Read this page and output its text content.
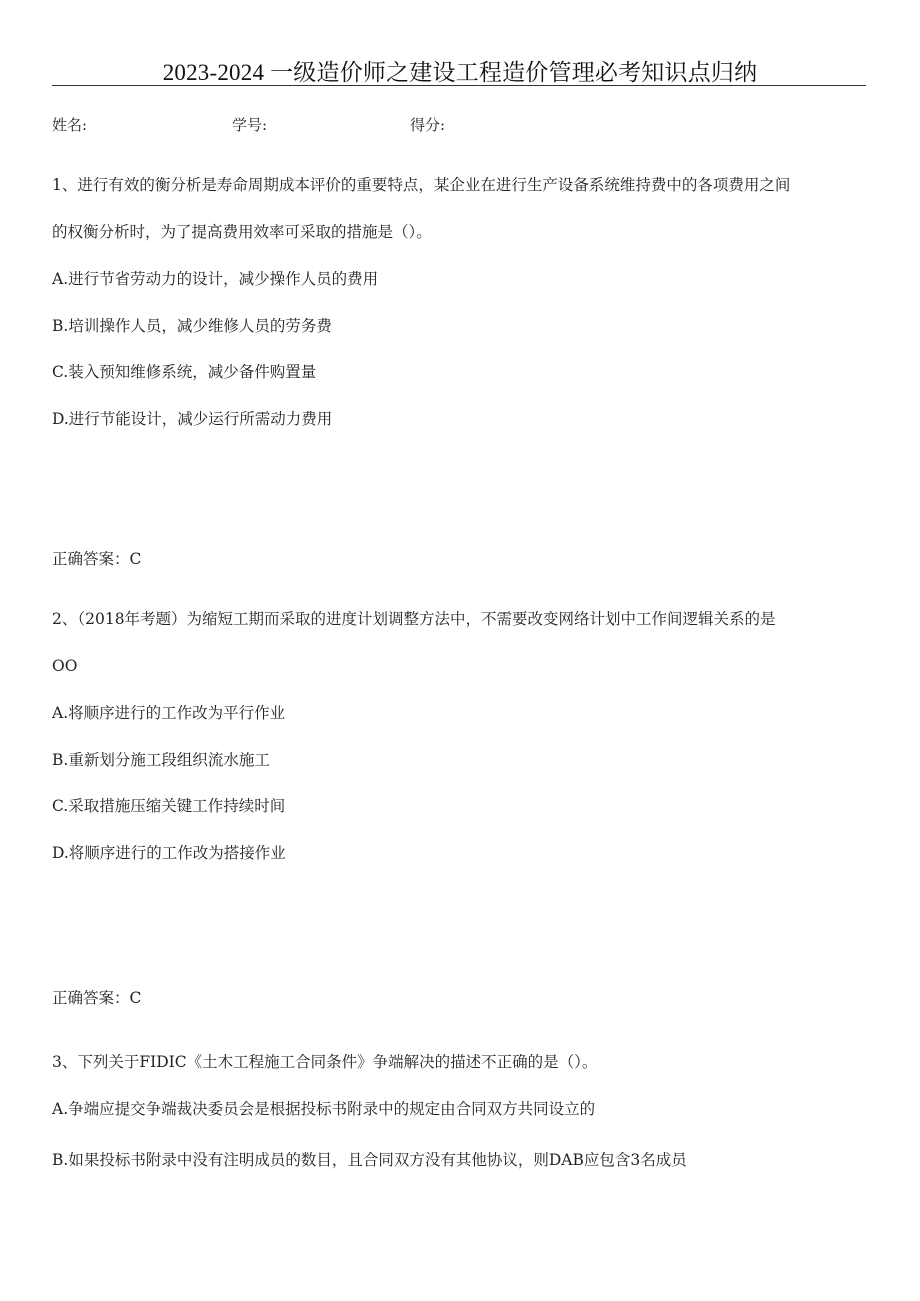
2023-2024 一级造价师之建设工程造价管理必考知识点归纳
姓名:	学号:	得分:
1、进行有效的衡分析是寿命周期成本评价的重要特点，某企业在进行生产设备系统维持费中的各项费用之间
的权衡分析时，为了提高费用效率可采取的措施是（）。
A.进行节省劳动力的设计，减少操作人员的费用
B.培训操作人员，减少维修人员的劳务费
C.装入预知维修系统，减少备件购置量
D.进行节能设计，减少运行所需动力费用
正确答案：C
2、（2018年考题）为缩短工期而采取的进度计划调整方法中，不需要改变网络计划中工作间逻辑关系的是
OO
A.将顺序进行的工作改为平行作业
B.重新划分施工段组织流水施工
C.采取措施压缩关键工作持续时间
D.将顺序进行的工作改为搭接作业
正确答案：C
3、下列关于FIDIC《土木工程施工合同条件》争端解决的描述不正确的是（）。
A.争端应提交争端裁决委员会是根据投标书附录中的规定由合同双方共同设立的
B.如果投标书附录中没有注明成员的数目，且合同双方没有其他协议，则DAB应包含3名成员
